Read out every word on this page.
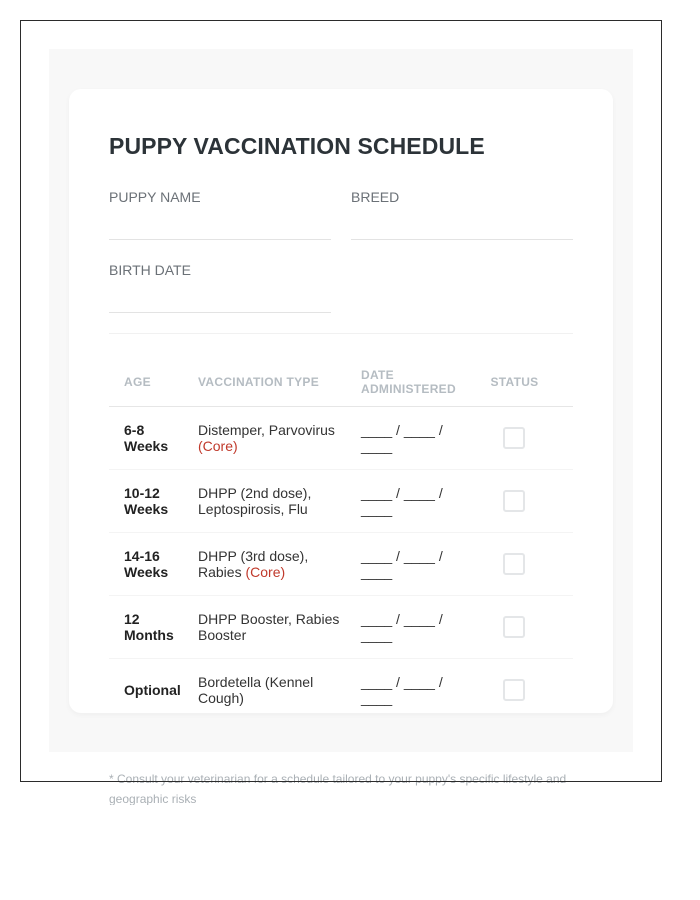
PUPPY VACCINATION SCHEDULE
PUPPY NAME	BREED
BIRTH DATE
AGE	VACCINATION TYPE	DATE ADMINISTERED	STATUS
6-8 Weeks	Distemper, Parvovirus (Core)	____ / ____ / ____	
10-12 Weeks	DHPP (2nd dose), Leptospirosis, Flu	____ / ____ / ____	
14-16 Weeks	DHPP (3rd dose), Rabies (Core)	____ / ____ / ____	
12 Months	DHPP Booster, Rabies Booster	____ / ____ / ____	
Optional	Bordetella (Kennel Cough)	____ / ____ / ____	

* Consult your veterinarian for a schedule tailored to your puppy's specific lifestyle and geographic risks
